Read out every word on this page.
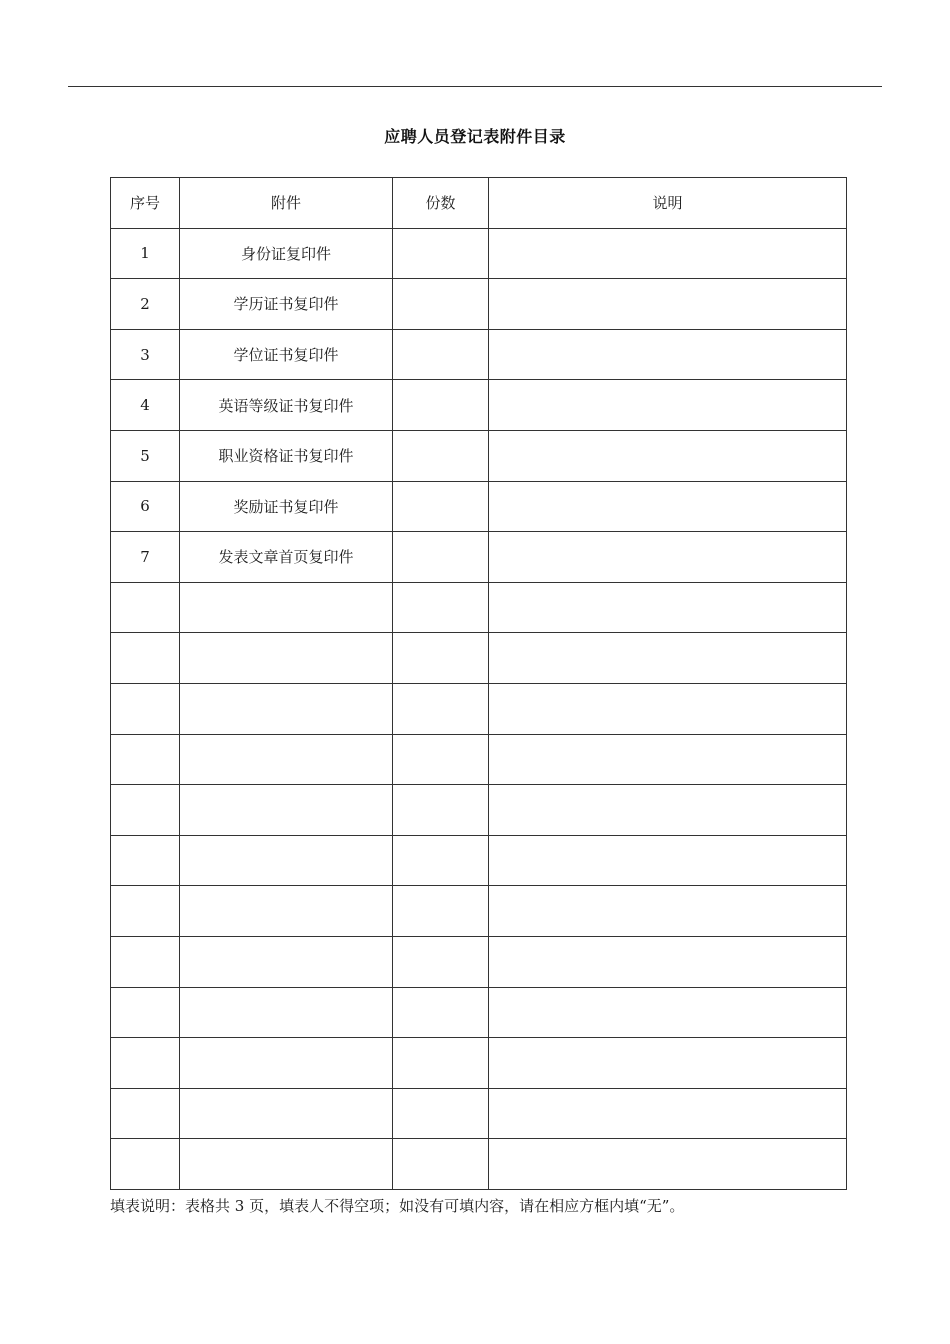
应聘人员登记表附件目录
序号	附件	份数	说明
1	身份证复印件		
2	学历证书复印件		
3	学位证书复印件		
4	英语等级证书复印件		
5	职业资格证书复印件		
6	奖励证书复印件		
7	发表文章首页复印件		

填表说明：表格共 3 页，填表人不得空项；如没有可填内容，请在相应方框内填“无”。
